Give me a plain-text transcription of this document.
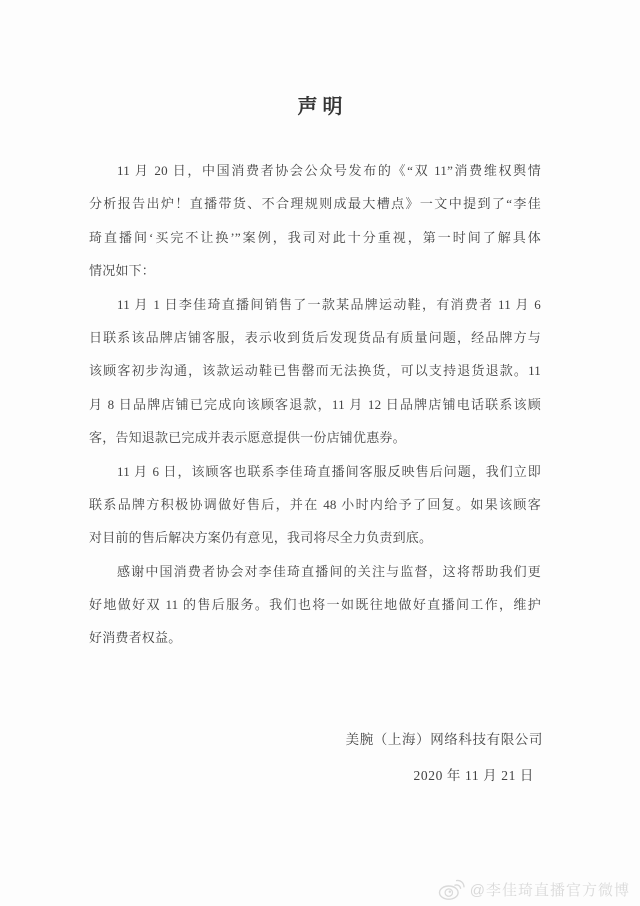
声明
11 月 20 日，中国消费者协会公众号发布的《“双 11”消费维权舆情
分析报告出炉！直播带货、不合理规则成最大槽点》一文中提到了“李佳
琦直播间‘买完不让换’”案例，我司对此十分重视，第一时间了解具体
情况如下：
11 月 1 日李佳琦直播间销售了一款某品牌运动鞋，有消费者 11 月 6
日联系该品牌店铺客服，表示收到货后发现货品有质量问题，经品牌方与
该顾客初步沟通，该款运动鞋已售罄而无法换货，可以支持退货退款。11
月 8 日品牌店铺已完成向该顾客退款，11 月 12 日品牌店铺电话联系该顾
客，告知退款已完成并表示愿意提供一份店铺优惠券。
11 月 6 日，该顾客也联系李佳琦直播间客服反映售后问题，我们立即
联系品牌方积极协调做好售后，并在 48 小时内给予了回复。如果该顾客
对目前的售后解决方案仍有意见，我司将尽全力负责到底。
感谢中国消费者协会对李佳琦直播间的关注与监督，这将帮助我们更
好地做好双 11 的售后服务。我们也将一如既往地做好直播间工作，维护
好消费者权益。
美腕（上海）网络科技有限公司
2020 年 11 月 21 日
@李佳琦直播官方微博
